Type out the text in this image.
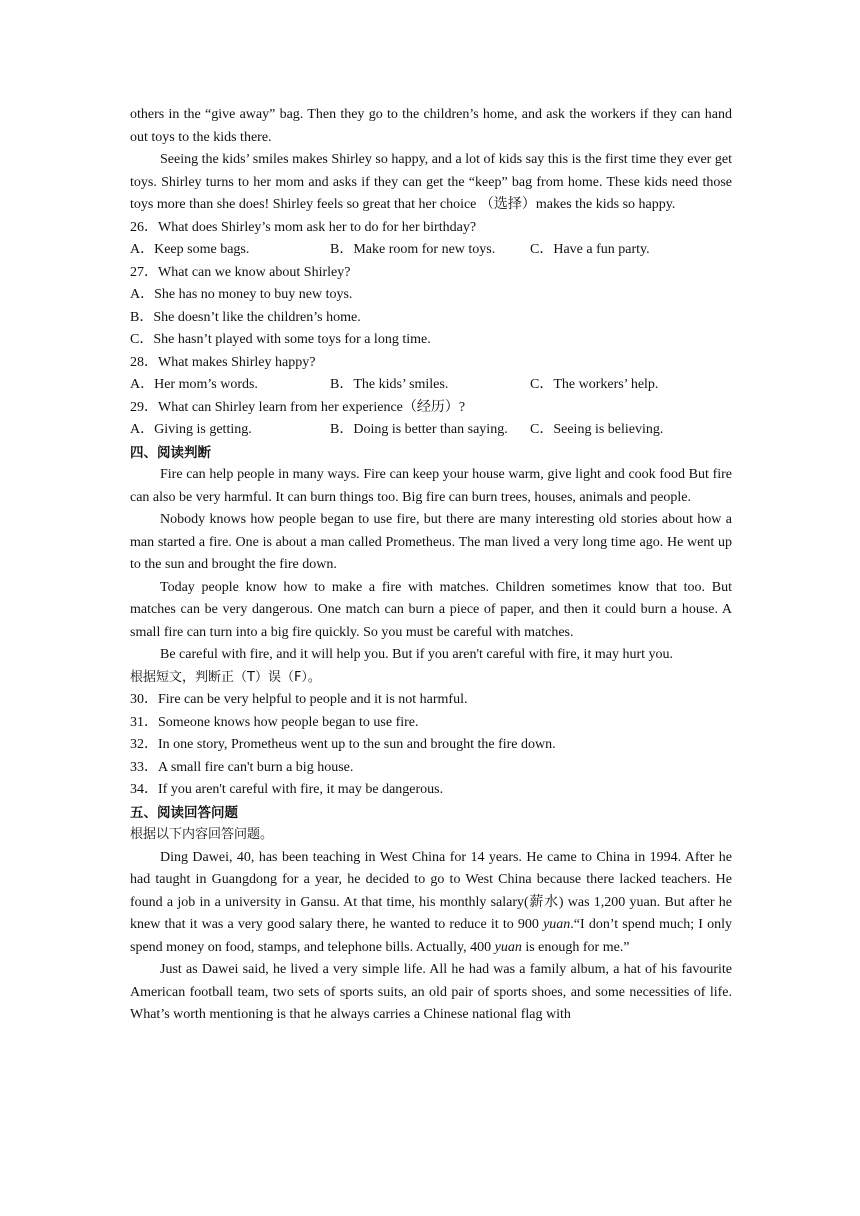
others in the “give away” bag. Then they go to the children’s home, and ask the workers if they can hand out toys to the kids there.

Seeing the kids’ smiles makes Shirley so happy, and a lot of kids say this is the first time they ever get toys. Shirley turns to her mom and asks if they can get the “keep” bag from home. These kids need those toys more than she does! Shirley feels so great that her choice （选择）makes the kids so happy.

26．What does Shirley’s mom ask her to do for her birthday?
A．Keep some bags.	B．Make room for new toys.	C．Have a fun party.
27．What can we know about Shirley?
A．She has no money to buy new toys.
B．She doesn’t like the children’s home.
C．She hasn’t played with some toys for a long time.
28．What makes Shirley happy?
A．Her mom’s words.	B．The kids’ smiles.	C．The workers’ help.
29．What can Shirley learn from her experience（经历）?
A．Giving is getting.	B．Doing is better than saying.	C．Seeing is believing.
四、阅读判断

Fire can help people in many ways. Fire can keep your house warm, give light and cook food But fire can also be very harmful. It can burn things too. Big fire can burn trees, houses, animals and people.

Nobody knows how people began to use fire, but there are many interesting old stories about how a man started a fire. One is about a man called Prometheus. The man lived a very long time ago. He went up to the sun and brought the fire down.

Today people know how to make a fire with matches. Children sometimes know that too. But matches can be very dangerous. One match can burn a piece of paper, and then it could burn a house. A small fire can turn into a big fire quickly. So you must be careful with matches.

Be careful with fire, and it will help you. But if you aren't careful with fire, it may hurt you.

根据短文，判断正（T）误（F）。
30．Fire can be very helpful to people and it is not harmful.
31．Someone knows how people began to use fire.
32．In one story, Prometheus went up to the sun and brought the fire down.
33．A small fire can't burn a big house.
34．If you aren't careful with fire, it may be dangerous.
五、阅读回答问题
根据以下内容回答问题。

Ding Dawei, 40, has been teaching in West China for 14 years. He came to China in 1994. After he had taught in Guangdong for a year, he decided to go to West China because there lacked teachers. He found a job in a university in Gansu. At that time, his monthly salary(薪水) was 1,200 yuan. But after he knew that it was a very good salary there, he wanted to reduce it to 900 yuan.“I don’t spend much; I only spend money on food, stamps, and telephone bills. Actually, 400 yuan is enough for me.”

Just as Dawei said, he lived a very simple life. All he had was a family album, a hat of his favourite American football team, two sets of sports suits, an old pair of sports shoes, and some necessities of life. What’s worth mentioning is that he always carries a Chinese national flag with
